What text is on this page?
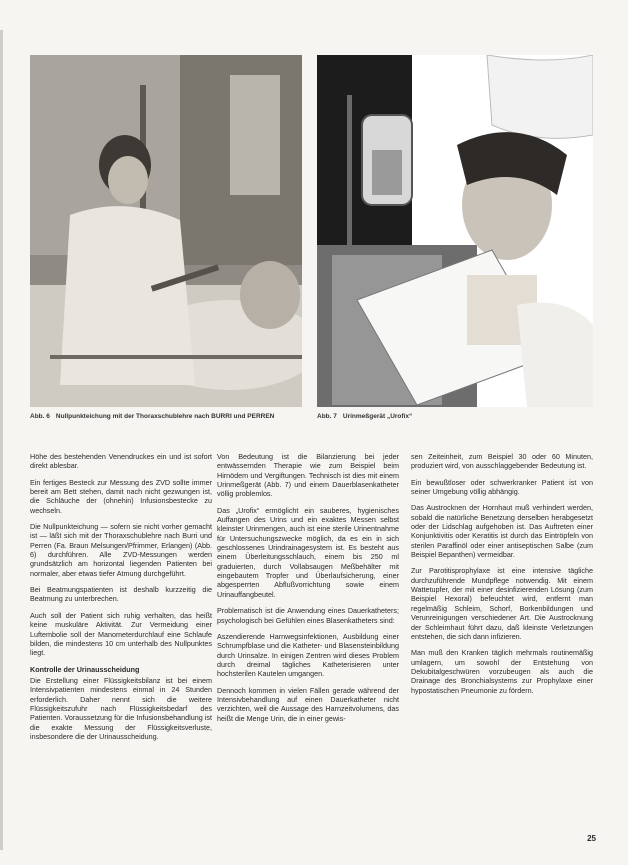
Abb. 6 Nullpunkteichung mit der Thoraxschublehre nach BURRI und PERREN	Abb. 7 Urinmeßgerät „Urofix“

Höhe des bestehenden Venendruckes ein und ist sofort direkt ablesbar.

Ein fertiges Besteck zur Messung des ZVD sollte immer bereit am Bett stehen, damit nach nicht gezwungen ist, die Schläuche der (ohnehin) Infusionsbestecke zu wechseln.

Die Nullpunkteichung — sofern sie nicht vorher gemacht ist — läßt sich mit der Thoraxschublehre nach Burri und Perren (Fa. Braun Melsungen/Pfrimmer, Erlangen) (Abb. 6) durchführen. Alle ZVD-Messungen werden grundsätzlich am horizontal liegenden Patienten bei normaler, aber etwas tiefer Atmung durchgeführt.

Bei Beatmungspatienten ist deshalb kurzzeitig die Beatmung zu unterbrechen.

Auch soll der Patient sich ruhig verhalten, das heißt keine muskuläre Aktivität. Zur Vermeidung einer Luftembolie soll der Manometerdurchlauf eine Schlaufe bilden, die mindestens 10 cm unterhalb des Nullpunktes liegt.

Kontrolle der Urinausscheidung

Die Erstellung einer Flüssigkeitsbilanz ist bei einem Intensivpatienten mindestens einmal in 24 Stunden erforderlich. Daher nennt sich die weitere Flüssigkeitszufuhr nach Flüssigkeitsbedarf des Patienten. Voraussetzung für die Infusionsbehandlung ist die exakte Messung der Flüssigkeitsverluste, insbesondere die der Urinausscheidung.

Von Bedeutung ist die Bilanzierung bei jeder entwässernden Therapie wie zum Beispiel beim Hirnödem und Vergiftungen. Technisch ist dies mit einem Urinmeßgerät (Abb. 7) und einem Dauerblasenkatheter völlig problemlos.

Das „Urofix“ ermöglicht ein sauberes, hygienisches Auffangen des Urins und ein exaktes Messen selbst kleinster Urinmengen, auch ist eine sterile Urinentnahme für Untersuchungszwecke möglich, da es ein in sich geschlossenes Urindrainagesystem ist. Es besteht aus einem Überleitungsschlauch, einem bis 250 ml graduierten, durch Vollabsaugen Meßbehälter mit eingebautem Tropfer und Überlaufsicherung, einer abgesperrten Abflußvorrichtung sowie einem Urinauffangbeutel.

Problematisch ist die Anwendung eines Dauerkatheters; psychologisch bei Gefühlen eines Blasenkatheters sind:

Aszendierende Harnwegsinfektionen, Ausbildung einer Schrumpfblase und die Katheter- und Blasensteinbildung durch Urinsalze. In einigen Zentren wird dieses Problem durch dreimal tägliches Katheterisieren unter hochsterilen Kautelen umgangen.

Dennoch kommen in vielen Fällen gerade während der Intensivbehandlung auf einen Dauerkatheter nicht verzichten, weil die Aussage des Harnzeitvolumens, das heißt die Menge Urin, die in einer gewis-

sen Zeiteinheit, zum Beispiel 30 oder 60 Minuten, produziert wird, von ausschlaggebender Bedeutung ist.

Ein bewußtloser oder schwerkranker Patient ist von seiner Umgebung völlig abhängig.

Das Austrocknen der Hornhaut muß verhindert werden, sobald die natürliche Benetzung derselben herabgesetzt oder der Lidschlag aufgehoben ist. Das Auftreten einer Konjunktivitis oder Keratitis ist durch das Eintröpfeln von sterilen Paraffinöl oder einer antiseptischen Salbe (zum Beispiel Bepanthen) vermeidbar.

Zur Parotitisprophylaxe ist eine intensive tägliche durchzuführende Mundpflege notwendig. Mit einem Wattetupfer, der mit einer desinfizierenden Lösung (zum Beispiel Hexoral) befeuchtet wird, entfernt man regelmäßig Schleim, Schorf, Borkenbildungen und Verunreinigungen verschiedener Art. Die Austrocknung der Schleimhaut führt dazu, daß kleinste Verletzungen entstehen, die sich dann infizieren.

Man muß den Kranken täglich mehrmals routinemäßig umlagern, um sowohl der Entstehung von Dekubitalgeschwüren vorzubeugen als auch die Drainage des Bronchialsystems zur Prophylaxe einer hypostatischen Pneumonie zu fördern.

25
